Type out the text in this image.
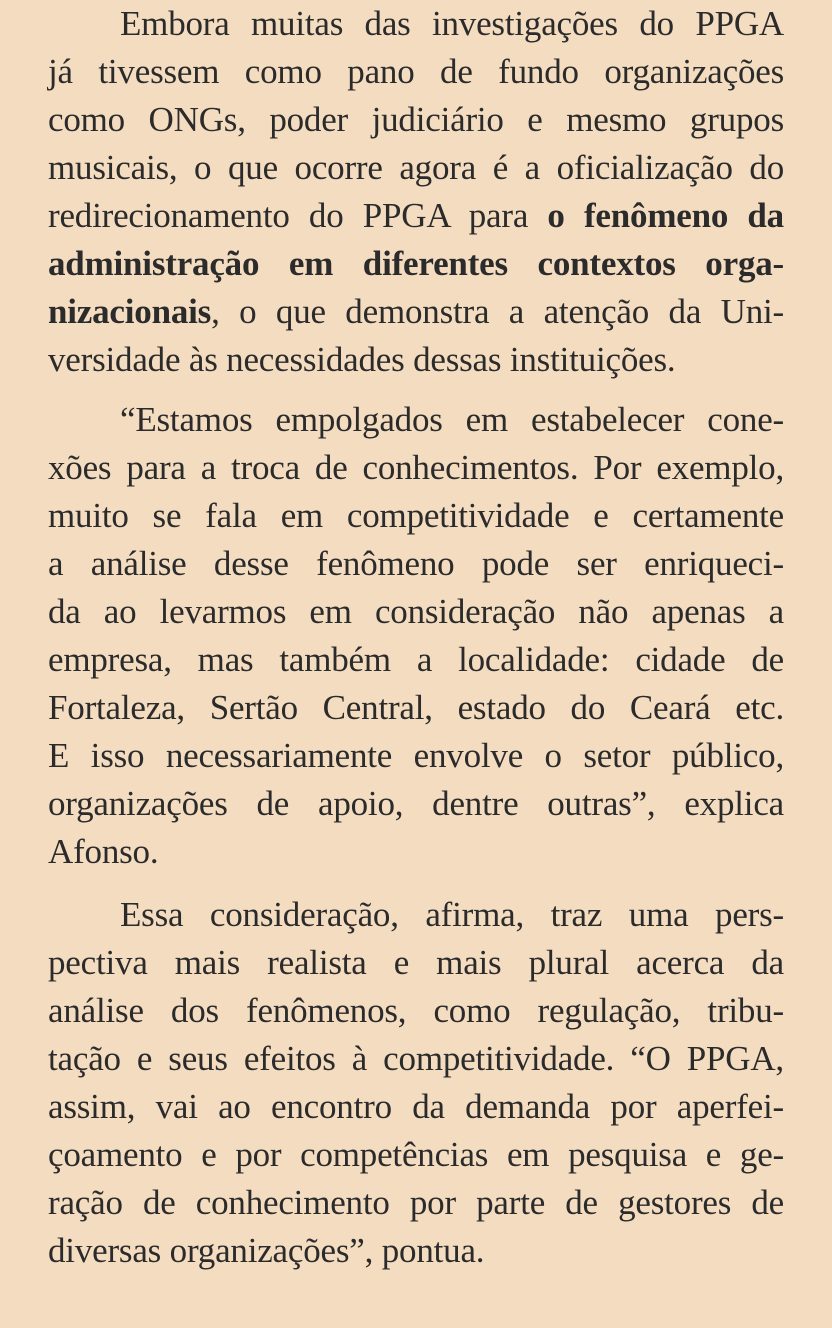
Embora muitas das investigações do PPGA
já tivessem como pano de fundo organizações
como ONGs, poder judiciário e mesmo grupos
musicais, o que ocorre agora é a oficialização do
redirecionamento do PPGA para o fenômeno da
administração em diferentes contextos orga-
nizacionais, o que demonstra a atenção da Uni-
versidade às necessidades dessas instituições.
“Estamos empolgados em estabelecer cone-
xões para a troca de conhecimentos. Por exemplo,
muito se fala em competitividade e certamente
a análise desse fenômeno pode ser enriqueci-
da ao levarmos em consideração não apenas a
empresa, mas também a localidade: cidade de
Fortaleza, Sertão Central, estado do Ceará etc.
E isso necessariamente envolve o setor público,
organizações de apoio, dentre outras”, explica
Afonso.
Essa consideração, afirma, traz uma pers-
pectiva mais realista e mais plural acerca da
análise dos fenômenos, como regulação, tribu-
tação e seus efeitos à competitividade. “O PPGA,
assim, vai ao encontro da demanda por aperfei-
çoamento e por competências em pesquisa e ge-
ração de conhecimento por parte de gestores de
diversas organizações”, pontua.
